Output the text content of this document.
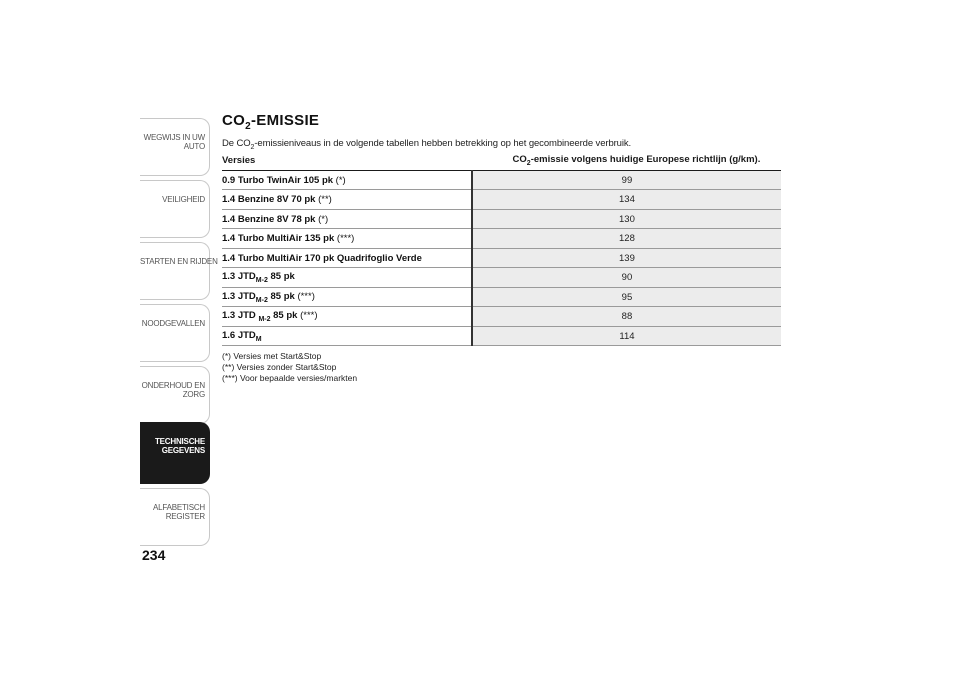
WEGWIJS IN UW
AUTO
VEILIGHEID
STARTEN EN RIJDEN
NOODGEVALLEN
ONDERHOUD EN
ZORG
TECHNISCHE
GEGEVENS
ALFABETISCH
REGISTER
234
$CO_2$-EMISSIE

De $CO_2$-emissieniveaus in de volgende tabellen hebben betrekking op het gecombineerde verbruik.

Versies	$CO_2$-emissie volgens huidige Europese richtlijn (g/km).
0.9 Turbo TwinAir 105 pk (*)	99
1.4 Benzine 8V 70 pk (**)	134
1.4 Benzine 8V 78 pk (*)	130
1.4 Turbo MultiAir 135 pk (***)	128
1.4 Turbo MultiAir 170 pk Quadrifoglio Verde	139
1.3 $JTD_{M-2}$ 85 pk	90
1.3 $JTD_{M-2}$ 85 pk (***)	95
1.3 JTD $_{M-2}$ 85 pk (***)	88
1.6 $JTD_M$	114
(*) Versies met Start&Stop
(**) Versies zonder Start&Stop
(***) Voor bepaalde versies/markten
